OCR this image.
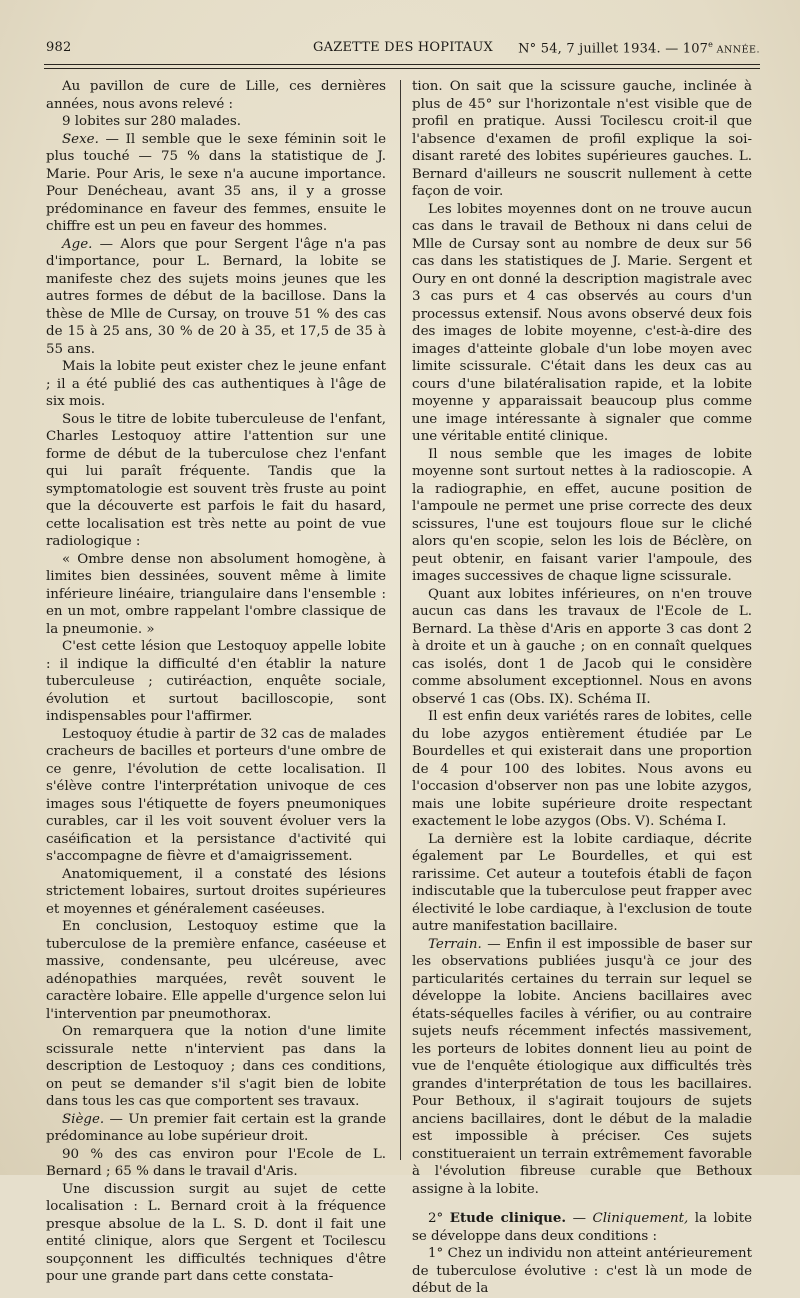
982	GAZETTE DES HOPITAUX	N° 54, 7 juillet 1934. — 107e ANNÉE.

Au pavillon de cure de Lille, ces dernières années, nous avons relevé :

9 lobites sur 280 malades.

Sexe. — Il semble que le sexe féminin soit le plus touché — 75 % dans la statistique de J. Marie. Pour Aris, le sexe n'a aucune importance. Pour Denécheau, avant 35 ans, il y a grosse prédominance en faveur des femmes, ensuite le chiffre est un peu en faveur des hommes.

Age. — Alors que pour Sergent l'âge n'a pas d'importance, pour L. Bernard, la lobite se manifeste chez des sujets moins jeunes que les autres formes de début de la bacillose. Dans la thèse de Mlle de Cursay, on trouve 51 % des cas de 15 à 25 ans, 30 % de 20 à 35, et 17,5 de 35 à 55 ans.

Mais la lobite peut exister chez le jeune enfant ; il a été publié des cas authentiques à l'âge de six mois.

Sous le titre de lobite tuberculeuse de l'enfant, Charles Lestoquoy attire l'attention sur une forme de début de la tuberculose chez l'enfant qui lui paraît fréquente. Tandis que la symptomatologie est souvent très fruste au point que la découverte est parfois le fait du hasard, cette localisation est très nette au point de vue radiologique :

« Ombre dense non absolument homogène, à limites bien dessinées, souvent même à limite inférieure linéaire, triangulaire dans l'ensemble : en un mot, ombre rappelant l'ombre classique de la pneumonie. »

C'est cette lésion que Lestoquoy appelle lobite : il indique la difficulté d'en établir la nature tuberculeuse ; cutiréaction, enquête sociale, évolution et surtout bacilloscopie, sont indispensables pour l'affirmer.

Lestoquoy étudie à partir de 32 cas de malades cracheurs de bacilles et porteurs d'une ombre de ce genre, l'évolution de cette localisation. Il s'élève contre l'interprétation univoque de ces images sous l'étiquette de foyers pneumoniques curables, car il les voit souvent évoluer vers la caséification et la persistance d'activité qui s'accompagne de fièvre et d'amaigrissement.

Anatomiquement, il a constaté des lésions strictement lobaires, surtout droites supérieures et moyennes et généralement caséeuses.

En conclusion, Lestoquoy estime que la tuberculose de la première enfance, caséeuse et massive, condensante, peu ulcéreuse, avec adénopathies marquées, revêt souvent le caractère lobaire. Elle appelle d'urgence selon lui l'intervention par pneumothorax.

On remarquera que la notion d'une limite scissurale nette n'intervient pas dans la description de Lestoquoy ; dans ces conditions, on peut se demander s'il s'agit bien de lobite dans tous les cas que comportent ses travaux.

Siège. — Un premier fait certain est la grande prédominance au lobe supérieur droit.

90 % des cas environ pour l'Ecole de L. Bernard ; 65 % dans le travail d'Aris.

Une discussion surgit au sujet de cette localisation : L. Bernard croit à la fréquence presque absolue de la L. S. D. dont il fait une entité clinique, alors que Sergent et Tocilescu soupçonnent les difficultés techniques d'être pour une grande part dans cette constata-

tion. On sait que la scissure gauche, inclinée à plus de 45° sur l'horizontale n'est visible que de profil en pratique. Aussi Tocilescu croit-il que l'absence d'examen de profil explique la soi-disant rareté des lobites supérieures gauches. L. Bernard d'ailleurs ne souscrit nullement à cette façon de voir.

Les lobites moyennes dont on ne trouve aucun cas dans le travail de Bethoux ni dans celui de Mlle de Cursay sont au nombre de deux sur 56 cas dans les statistiques de J. Marie. Sergent et Oury en ont donné la description magistrale avec 3 cas purs et 4 cas observés au cours d'un processus extensif. Nous avons observé deux fois des images de lobite moyenne, c'est-à-dire des images d'atteinte globale d'un lobe moyen avec limite scissurale. C'était dans les deux cas au cours d'une bilatéralisation rapide, et la lobite moyenne y apparaissait beaucoup plus comme une image intéressante à signaler que comme une véritable entité clinique.

Il nous semble que les images de lobite moyenne sont surtout nettes à la radioscopie. A la radiographie, en effet, aucune position de l'ampoule ne permet une prise correcte des deux scissures, l'une est toujours floue sur le cliché alors qu'en scopie, selon les lois de Béclère, on peut obtenir, en faisant varier l'ampoule, des images successives de chaque ligne scissurale.

Quant aux lobites inférieures, on n'en trouve aucun cas dans les travaux de l'Ecole de L. Bernard. La thèse d'Aris en apporte 3 cas dont 2 à droite et un à gauche ; on en connaît quelques cas isolés, dont 1 de Jacob qui le considère comme absolument exceptionnel. Nous en avons observé 1 cas (Obs. IX). Schéma II.

Il est enfin deux variétés rares de lobites, celle du lobe azygos entièrement étudiée par Le Bourdelles et qui existerait dans une proportion de 4 pour 100 des lobites. Nous avons eu l'occasion d'observer non pas une lobite azygos, mais une lobite supérieure droite respectant exactement le lobe azygos (Obs. V). Schéma I.

La dernière est la lobite cardiaque, décrite également par Le Bourdelles, et qui est rarissime. Cet auteur a toutefois établi de façon indiscutable que la tuberculose peut frapper avec électivité le lobe cardiaque, à l'exclusion de toute autre manifestation bacillaire.

Terrain. — Enfin il est impossible de baser sur les observations publiées jusqu'à ce jour des particularités certaines du terrain sur lequel se développe la lobite. Anciens bacillaires avec états-séquelles faciles à vérifier, ou au contraire sujets neufs récemment infectés massivement, les porteurs de lobites donnent lieu au point de vue de l'enquête étiologique aux difficultés très grandes d'interprétation de tous les bacillaires. Pour Bethoux, il s'agirait toujours de sujets anciens bacillaires, dont le début de la maladie est impossible à préciser. Ces sujets constitueraient un terrain extrêmement favorable à l'évolution fibreuse curable que Bethoux assigne à la lobite.

2° Etude clinique. — Cliniquement, la lobite se développe dans deux conditions :

1° Chez un individu non atteint antérieurement de tuberculose évolutive : c'est là un mode de début de la
